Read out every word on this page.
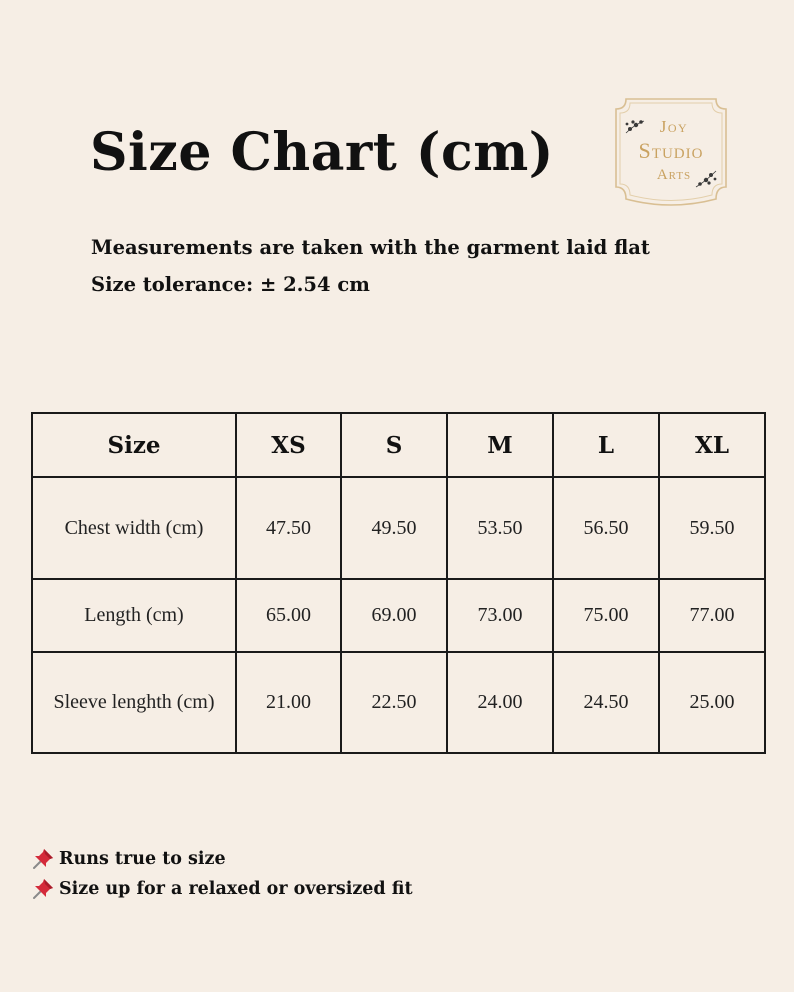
Size Chart (cm)
Measurements are taken with the garment laid flat
Size tolerance: ± 2.54 cm
Joy
Studio
Arts
Size	XS	S	M	L	XL
Chest width (cm)	47.50	49.50	53.50	56.50	59.50
Length (cm)	65.00	69.00	73.00	75.00	77.00
Sleeve lenghth (cm)	21.00	22.50	24.00	24.50	25.00
Runs true to size
Size up for a relaxed or oversized fit
